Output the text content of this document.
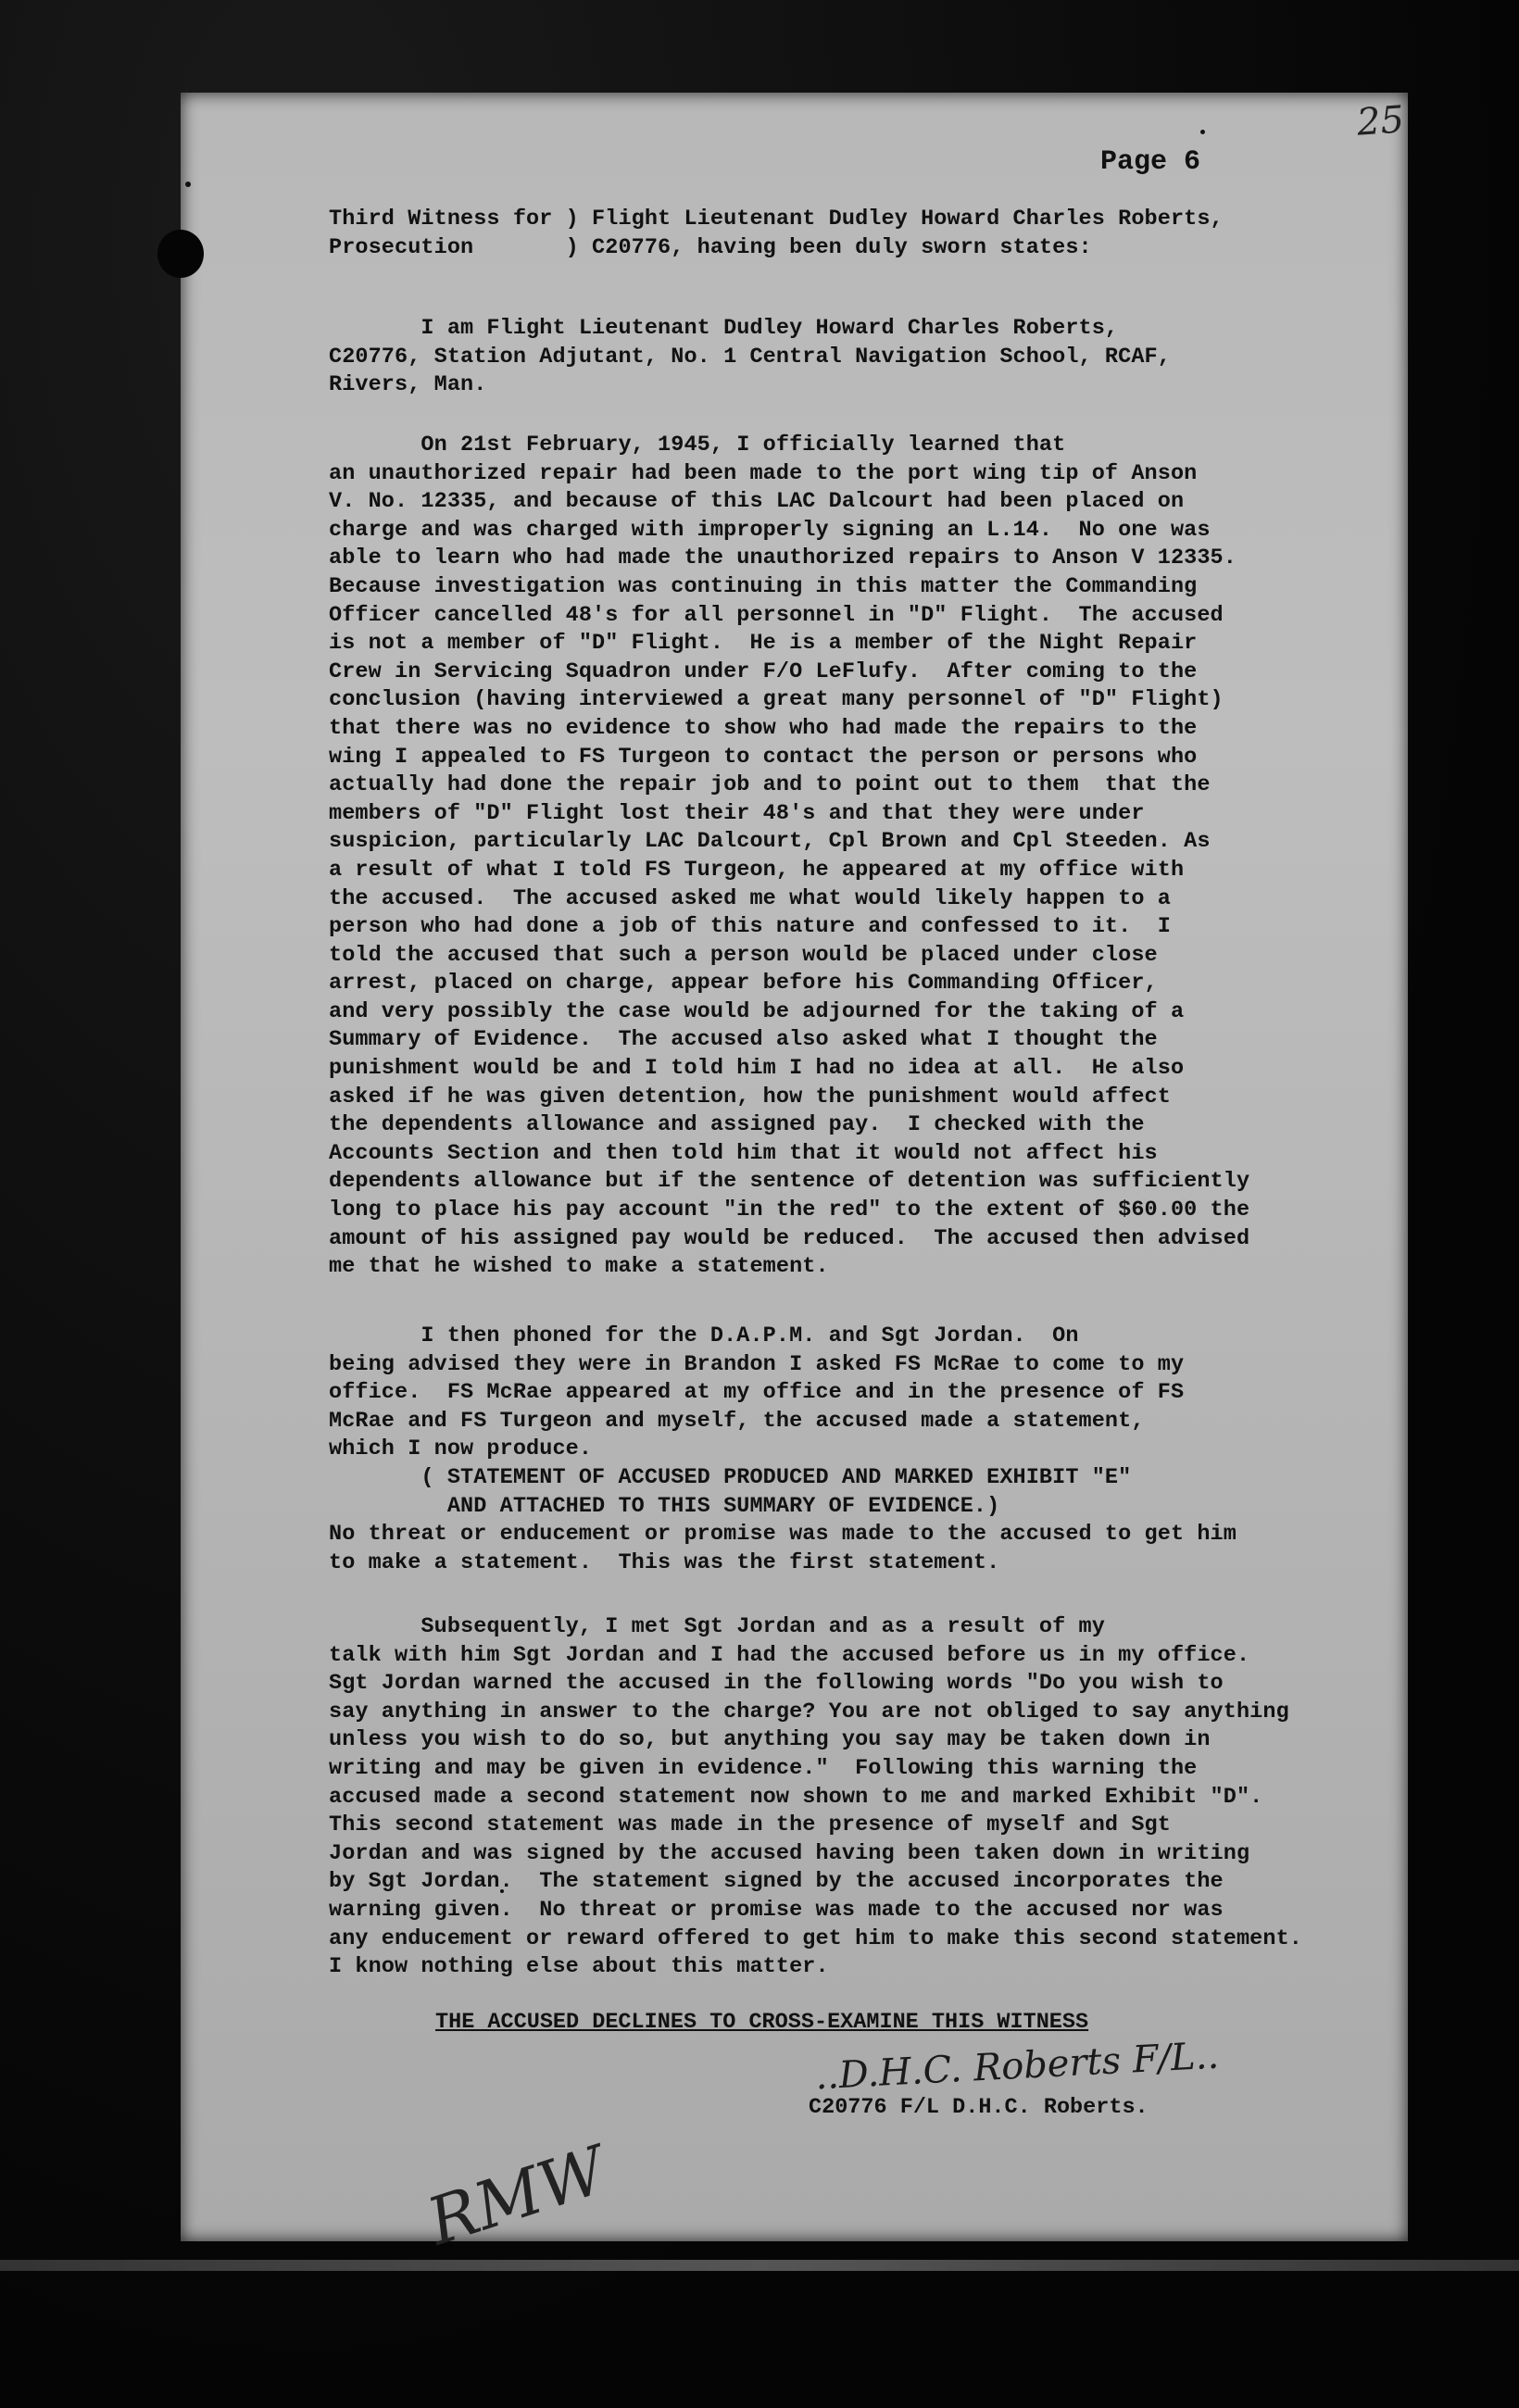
25
Page 6
Third Witness for ) Flight Lieutenant Dudley Howard Charles Roberts,
Prosecution       ) C20776, having been duly sworn states:
I am Flight Lieutenant Dudley Howard Charles Roberts,
C20776, Station Adjutant, No. 1 Central Navigation School, RCAF,
Rivers, Man.
On 21st February, 1945, I officially learned that
an unauthorized repair had been made to the port wing tip of Anson
V. No. 12335, and because of this LAC Dalcourt had been placed on
charge and was charged with improperly signing an L.14.  No one was
able to learn who had made the unauthorized repairs to Anson V 12335.
Because investigation was continuing in this matter the Commanding
Officer cancelled 48's for all personnel in "D" Flight.  The accused
is not a member of "D" Flight.  He is a member of the Night Repair
Crew in Servicing Squadron under F/O LeFlufy.  After coming to the
conclusion (having interviewed a great many personnel of "D" Flight)
that there was no evidence to show who had made the repairs to the
wing I appealed to FS Turgeon to contact the person or persons who
actually had done the repair job and to point out to them  that the
members of "D" Flight lost their 48's and that they were under
suspicion, particularly LAC Dalcourt, Cpl Brown and Cpl Steeden. As
a result of what I told FS Turgeon, he appeared at my office with
the accused.  The accused asked me what would likely happen to a
person who had done a job of this nature and confessed to it.  I
told the accused that such a person would be placed under close
arrest, placed on charge, appear before his Commanding Officer,
and very possibly the case would be adjourned for the taking of a
Summary of Evidence.  The accused also asked what I thought the
punishment would be and I told him I had no idea at all.  He also
asked if he was given detention, how the punishment would affect
the dependents allowance and assigned pay.  I checked with the
Accounts Section and then told him that it would not affect his
dependents allowance but if the sentence of detention was sufficiently
long to place his pay account "in the red" to the extent of $60.00 the
amount of his assigned pay would be reduced.  The accused then advised
me that he wished to make a statement.
I then phoned for the D.A.P.M. and Sgt Jordan.  On
being advised they were in Brandon I asked FS McRae to come to my
office.  FS McRae appeared at my office and in the presence of FS
McRae and FS Turgeon and myself, the accused made a statement,
which I now produce.
( STATEMENT OF ACCUSED PRODUCED AND MARKED EXHIBIT "E"
AND ATTACHED TO THIS SUMMARY OF EVIDENCE.)
No threat or enducement or promise was made to the accused to get him
to make a statement.  This was the first statement.
Subsequently, I met Sgt Jordan and as a result of my
talk with him Sgt Jordan and I had the accused before us in my office.
Sgt Jordan warned the accused in the following words "Do you wish to
say anything in answer to the charge? You are not obliged to say anything
unless you wish to do so, but anything you say may be taken down in
writing and may be given in evidence."  Following this warning the
accused made a second statement now shown to me and marked Exhibit "D".
This second statement was made in the presence of myself and Sgt
Jordan and was signed by the accused having been taken down in writing
by Sgt Jordan.  The statement signed by the accused incorporates the
warning given.  No threat or promise was made to the accused nor was
any enducement or reward offered to get him to make this second statement.
I know nothing else about this matter.
THE ACCUSED DECLINES TO CROSS-EXAMINE THIS WITNESS
..D.H.C. Roberts F/L..
C20776 F/L D.H.C. Roberts.
RMW
